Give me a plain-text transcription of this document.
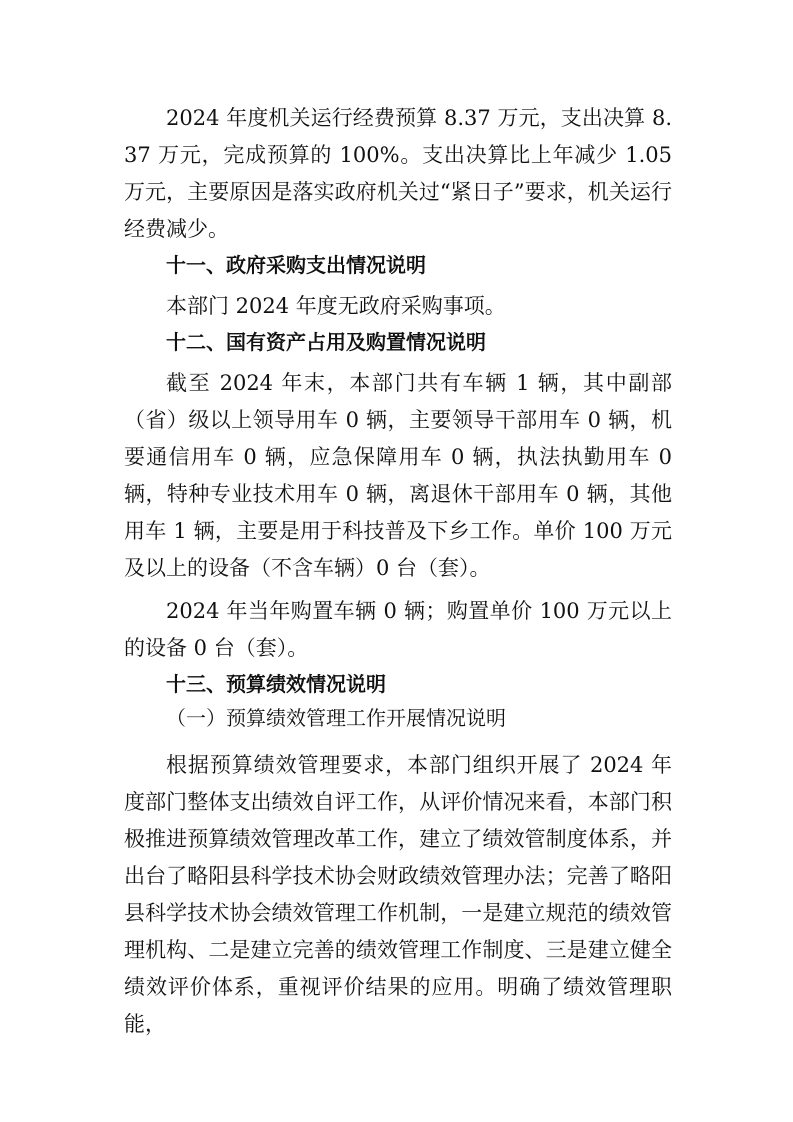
2024 年度机关运行经费预算 8.37 万元，支出决算 8.37 万元，完成预算的 100%。支出决算比上年减少 1.05 万元，主要原因是落实政府机关过“紧日子”要求，机关运行经费减少。

十一、政府采购支出情况说明

本部门 2024 年度无政府采购事项。

十二、国有资产占用及购置情况说明

截至 2024 年末，本部门共有车辆 1 辆，其中副部（省）级以上领导用车 0 辆，主要领导干部用车 0 辆，机要通信用车 0 辆，应急保障用车 0 辆，执法执勤用车 0 辆，特种专业技术用车 0 辆，离退休干部用车 0 辆，其他用车 1 辆，主要是用于科技普及下乡工作。单价 100 万元及以上的设备（不含车辆）0 台（套）。

2024 年当年购置车辆 0 辆；购置单价 100 万元以上的设备 0 台（套）。

十三、预算绩效情况说明

（一）预算绩效管理工作开展情况说明

根据预算绩效管理要求，本部门组织开展了 2024 年度部门整体支出绩效自评工作，从评价情况来看，本部门积极推进预算绩效管理改革工作，建立了绩效管制度体系，并出台了略阳县科学技术协会财政绩效管理办法；完善了略阳县科学技术协会绩效管理工作机制，一是建立规范的绩效管理机构、二是建立完善的绩效管理工作制度、三是建立健全绩效评价体系，重视评价结果的应用。明确了绩效管理职能，
